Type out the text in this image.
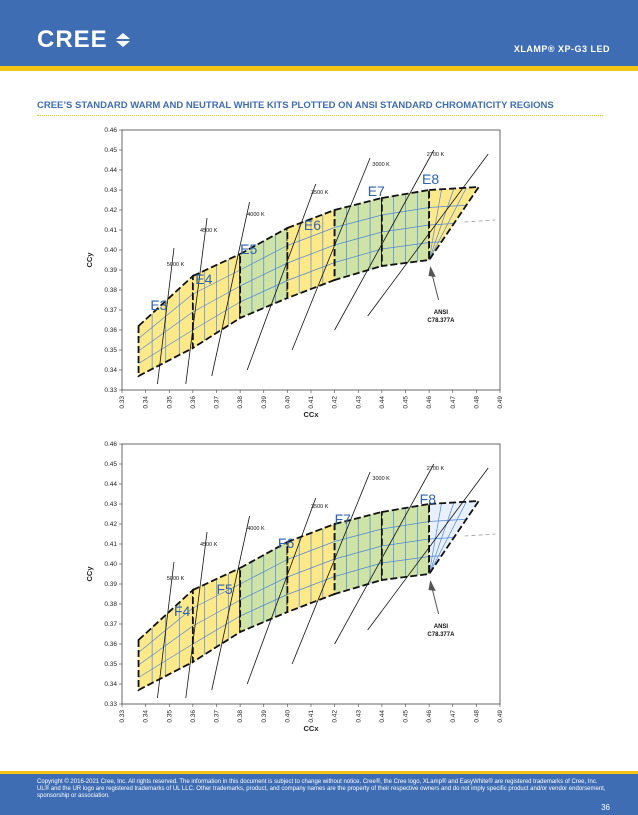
CREE	XLAMP® XP-G3 LED
CREE’S STANDARD WARM AND NEUTRAL WHITE KITS PLOTTED ON ANSI STANDARD CHROMATICITY REGIONS
0.33	0.34	0.35	0.36	0.37	0.38	0.39	0.40	0.41	0.42	0.43	0.44	0.45	0.46	0.47	0.48	0.49
0.33
0.34
0.35
0.36
0.37
0.38
0.39
0.40
0.41
0.42
0.43
0.44
0.45
0.46
CCx
CCy	5000 K
4500 K
4000 K
3500 K
3000 K
2700 K
E3
E4
E5
E6
E7
E8
ANSI
C78.377A
0.33	0.34	0.35	0.36	0.37	0.38	0.39	0.40	0.41	0.42	0.43	0.44	0.45	0.46	0.47	0.48	0.49
0.33
0.34
0.35
0.36
0.37
0.38
0.39
0.40
0.41
0.42
0.43
0.44
0.45
0.46
CCx
CCy	5000 K
4500 K
4000 K
3500 K
3000 K
2700 K
F4
F5
F6
F7
F8
ANSI
C78.377A
Copyright © 2016-2021 Cree, Inc. All rights reserved. The information in this document is subject to change without notice. Cree®, the Cree logo, XLamp® and EasyWhite® are registered trademarks of Cree, Inc. UL® and the UR logo are registered trademarks of UL LLC. Other trademarks, product, and company names are the property of their respective owners and do not imply specific product and/or vendor endorsement, sponsorship or association.
36
